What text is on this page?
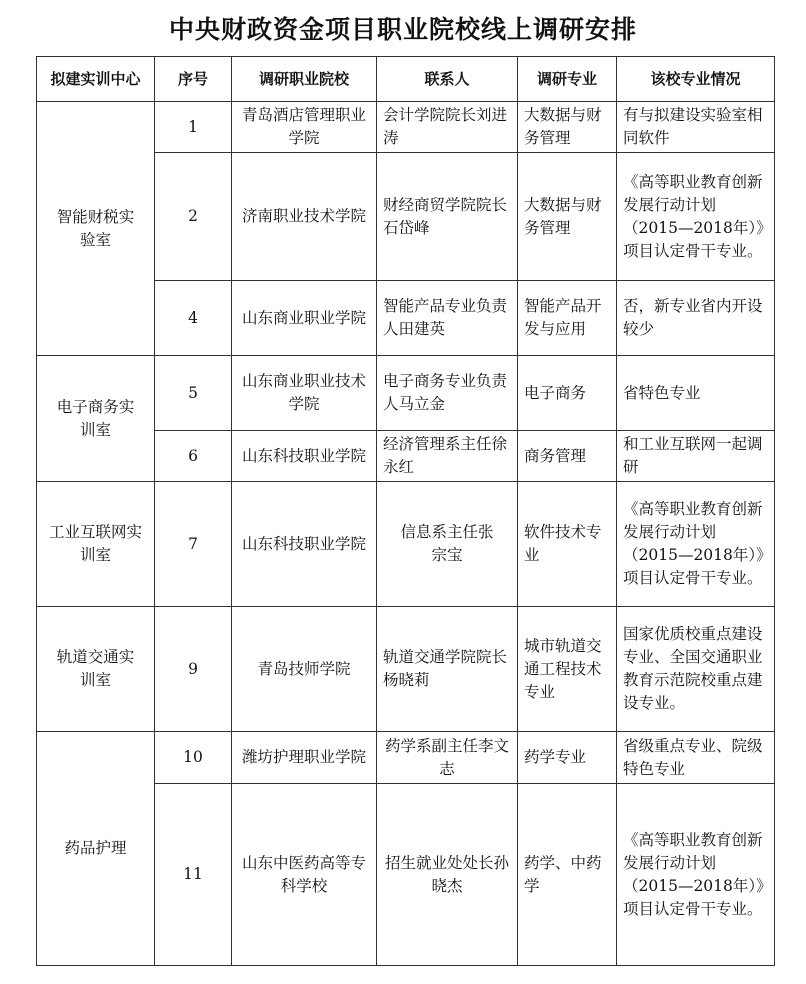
中央财政资金项目职业院校线上调研安排
拟建实训中心	序号	调研职业院校	联系人	调研专业	该校专业情况
智能财税实验室	1	青岛酒店管理职业学院	会计学院院长刘进涛	大数据与财务管理	有与拟建设实验室相同软件
	2	济南职业技术学院	财经商贸学院院长石岱峰	大数据与财务管理	《高等职业教育创新发展行动计划（2015—2018年）》项目认定骨干专业。
	4	山东商业职业学院	智能产品专业负责人田建英	智能产品开发与应用	否，新专业省内开设较少
电子商务实训室	5	山东商业职业技术学院	电子商务专业负责人马立金	电子商务	省特色专业
	6	山东科技职业学院	经济管理系主任徐永红	商务管理	和工业互联网一起调研
工业互联网实训室	7	山东科技职业学院	信息系主任张宗宝	软件技术专业	《高等职业教育创新发展行动计划（2015—2018年）》项目认定骨干专业。
轨道交通实训室	9	青岛技师学院	轨道交通学院院长杨晓莉	城市轨道交通工程技术专业	国家优质校重点建设专业、全国交通职业教育示范院校重点建设专业。
药品护理	10	潍坊护理职业学院	药学系副主任李文志	药学专业	省级重点专业、院级特色专业
	11	山东中医药高等专科学校	招生就业处处长孙晓杰	药学、中药学	《高等职业教育创新发展行动计划（2015—2018年）》项目认定骨干专业。
